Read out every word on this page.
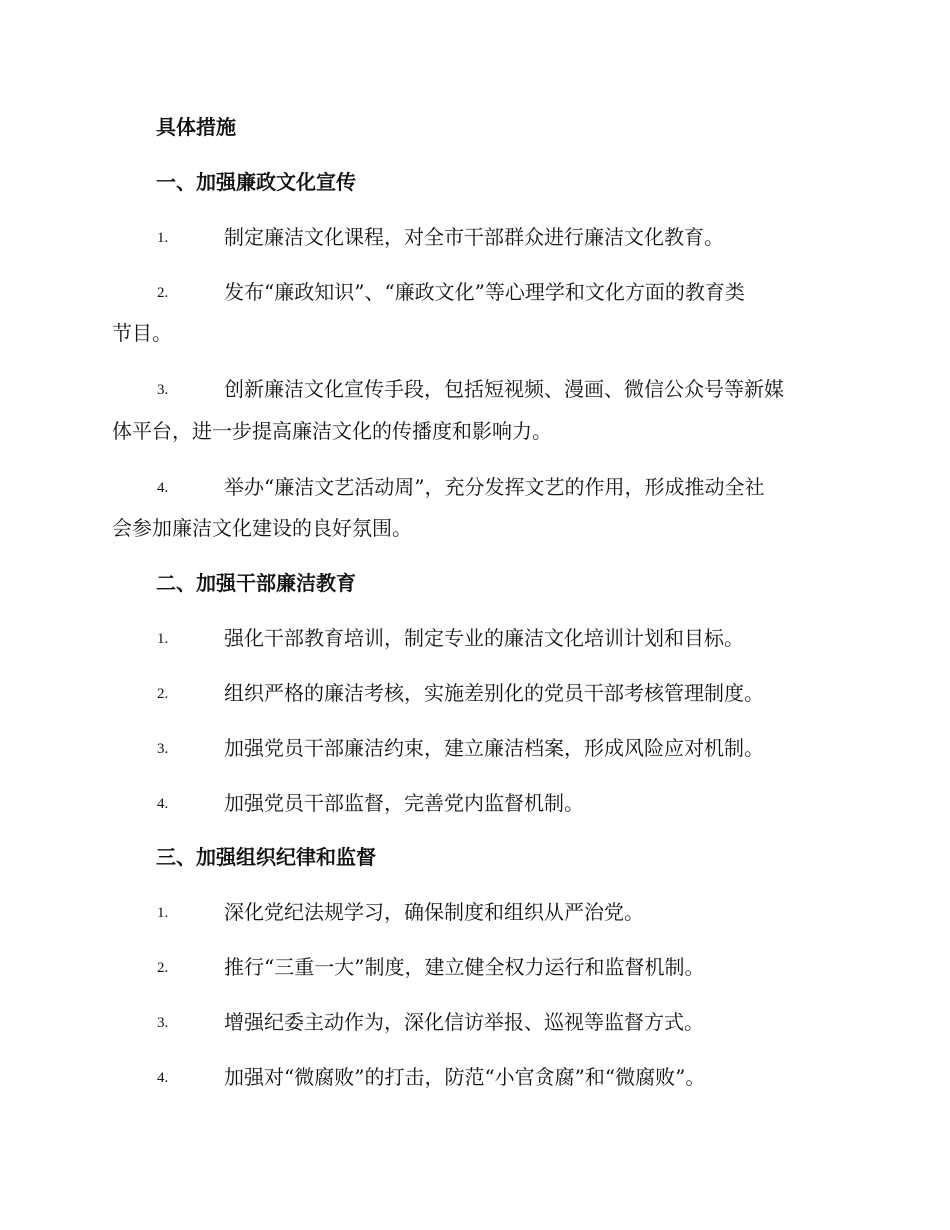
具体措施
一、加强廉政文化宣传
1.	制定廉洁文化课程，对全市干部群众进行廉洁文化教育。
2.	发布“廉政知识”、“廉政文化”等心理学和文化方面的教育类
节目。
3.	创新廉洁文化宣传手段，包括短视频、漫画、微信公众号等新媒
体平台，进一步提高廉洁文化的传播度和影响力。
4.	举办“廉洁文艺活动周”，充分发挥文艺的作用，形成推动全社
会参加廉洁文化建设的良好氛围。
二、加强干部廉洁教育
1.	强化干部教育培训，制定专业的廉洁文化培训计划和目标。
2.	组织严格的廉洁考核，实施差别化的党员干部考核管理制度。
3.	加强党员干部廉洁约束，建立廉洁档案，形成风险应对机制。
4.	加强党员干部监督，完善党内监督机制。
三、加强组织纪律和监督
1.	深化党纪法规学习，确保制度和组织从严治党。
2.	推行“三重一大”制度，建立健全权力运行和监督机制。
3.	增强纪委主动作为，深化信访举报、巡视等监督方式。
4.	加强对“微腐败”的打击，防范“小官贪腐”和“微腐败”。
